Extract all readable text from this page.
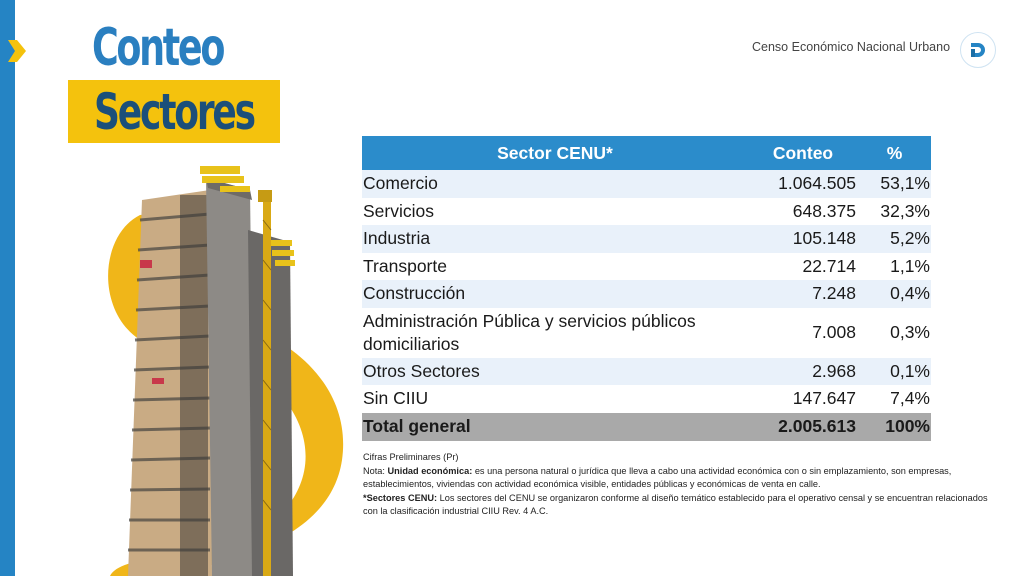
Conteo
Sectores
Censo Económico Nacional Urbano
Sector CENU*	Conteo	%
Comercio	1.064.505	53,1%
Servicios	648.375	32,3%
Industria	105.148	5,2%
Transporte	22.714	1,1%
Construcción	7.248	0,4%
Administración Pública y servicios públicos domiciliarios	7.008	0,3%
Otros Sectores	2.968	0,1%
Sin CIIU	147.647	7,4%
Total general	2.005.613	100%
Cifras Preliminares (Pr)
Nota: Unidad económica: es una persona natural o jurídica que lleva a cabo una actividad económica con o sin emplazamiento, son empresas, establecimientos, viviendas con actividad económica visible, entidades públicas y económicas de venta en calle.
*Sectores CENU: Los sectores del CENU se organizaron conforme al diseño temático establecido para el operativo censal y se encuentran relacionados con la clasificación industrial CIIU Rev. 4 A.C.
